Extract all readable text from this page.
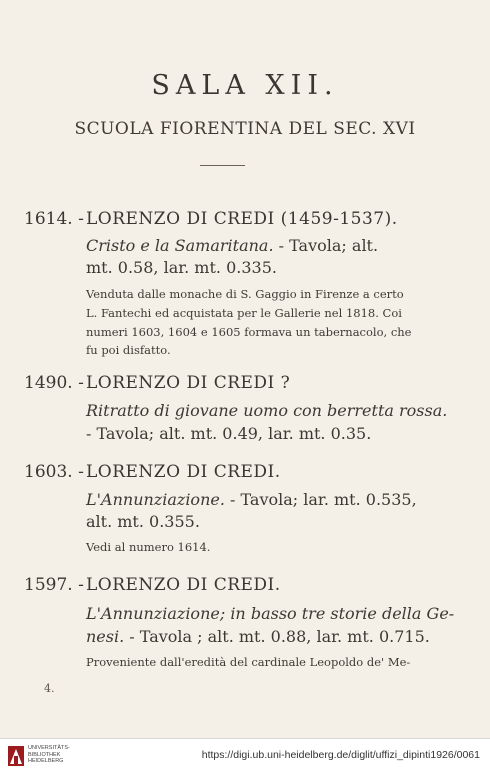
SALA XII.
SCUOLA FIORENTINA DEL SEC. XVI
1614. - LORENZO DI CREDI (1459-1537).
Cristo e la Samaritana. - Tavola; alt.
mt. 0.58, lar. mt. 0.335.
Venduta dalle monache di S. Gaggio in Firenze a certo
L. Fantechi ed acquistata per le Gallerie nel 1818. Coi
numeri 1603, 1604 e 1605 formava un tabernacolo, che
fu poi disfatto.
1490. - LORENZO DI CREDI ?
Ritratto di giovane uomo con berretta rossa.
- Tavola; alt. mt. 0.49, lar. mt. 0.35.
1603. - LORENZO DI CREDI.
L'Annunziazione. - Tavola; lar. mt. 0.535,
alt. mt. 0.355.
Vedi al numero 1614.
1597. - LORENZO DI CREDI.
L'Annunziazione; in basso tre storie della Ge-
nesi. - Tavola ; alt. mt. 0.88, lar. mt. 0.715.
Proveniente dall'eredità del cardinale Leopoldo de' Me-
4.
UNIVERSITÄTS-
BIBLIOTHEK
HEIDELBERG	https://digi.ub.uni-heidelberg.de/diglit/uffizi_dipinti1926/0061
